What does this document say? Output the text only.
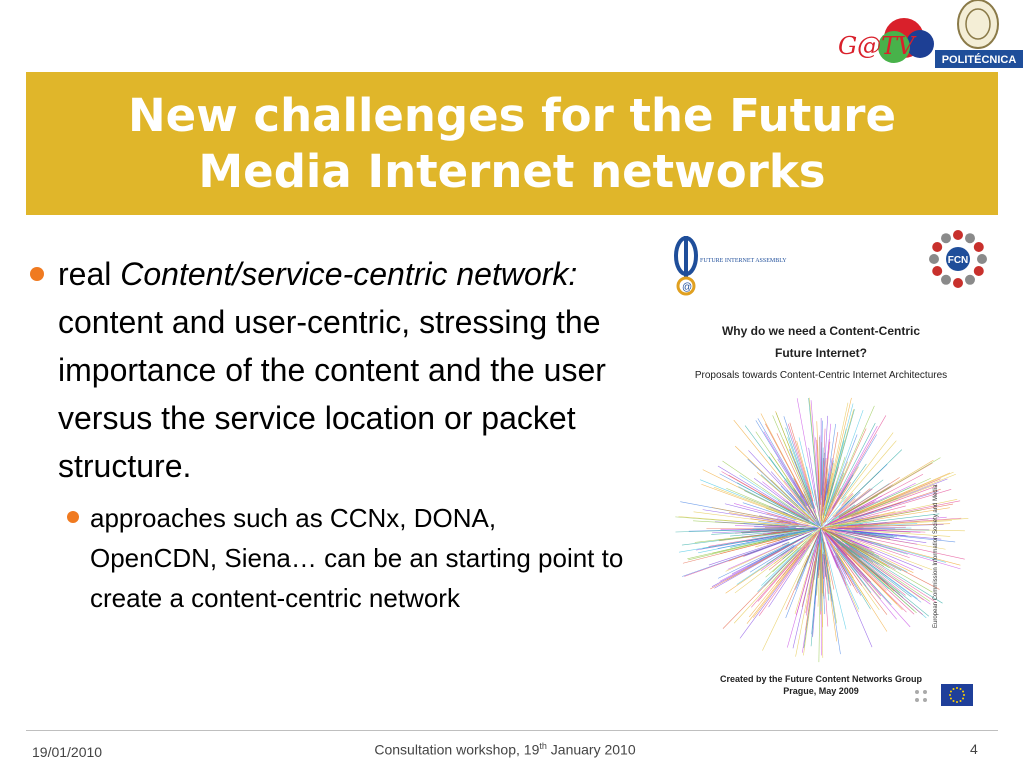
G@TV POLITÉCNICA
New challenges for the Future
Media Internet networks

real Content/service-centric network: content and user-centric, stressing the importance of the content and the user versus the service location or packet structure.

approaches such as CCNx, DONA, OpenCDN, Siena… can be an starting point to create a content-centric network

@
FUTURE INTERNET ASSEMBLY	FCN
Why do we need a Content-Centric
Future Internet?
Proposals towards Content-Centric Internet Architectures
European Commission Information Society and Media
Created by the Future Content Networks Group
Prague, May 2009
19/01/2010	Consultation workshop, 19th January 2010	4
